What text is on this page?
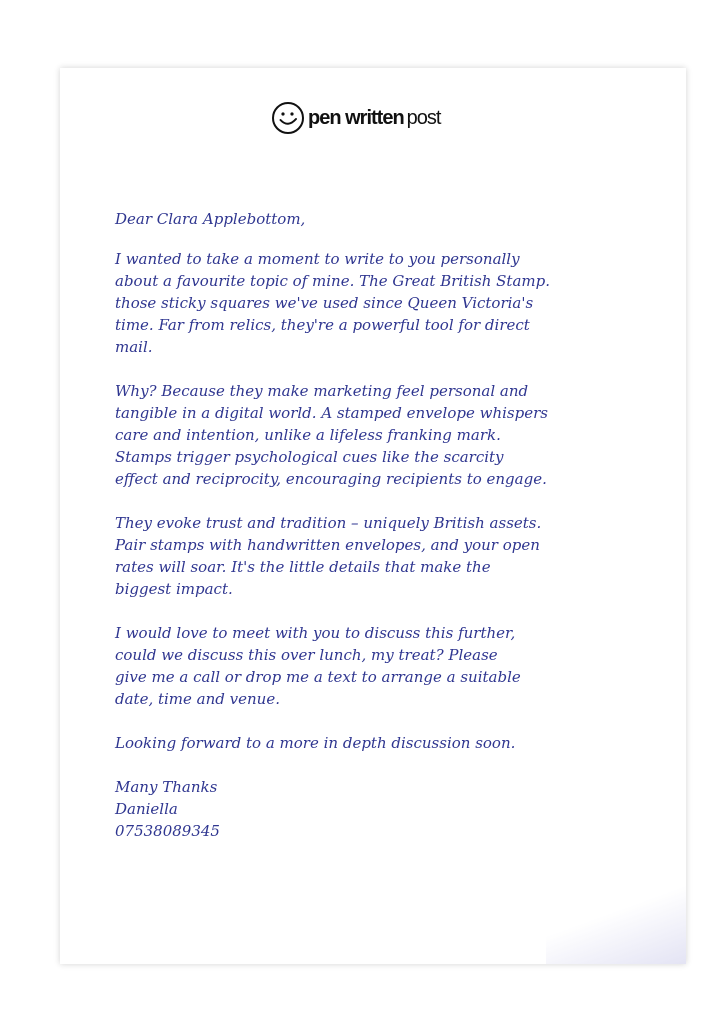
pen written post

Dear Clara Applebottom,

I wanted to take a moment to write to you personally
about a favourite topic of mine. The Great British Stamp.
those sticky squares we've used since Queen Victoria's
time. Far from relics, they're a powerful tool for direct
mail.

Why? Because they make marketing feel personal and
tangible in a digital world. A stamped envelope whispers
care and intention, unlike a lifeless franking mark.
Stamps trigger psychological cues like the scarcity
effect and reciprocity, encouraging recipients to engage.

They evoke trust and tradition – uniquely British assets.
Pair stamps with handwritten envelopes, and your open
rates will soar. It's the little details that make the
biggest impact.

I would love to meet with you to discuss this further,
could we discuss this over lunch, my treat? Please
give me a call or drop me a text to arrange a suitable
date, time and venue.

Looking forward to a more in depth discussion soon.

Many Thanks
Daniella
07538089345
